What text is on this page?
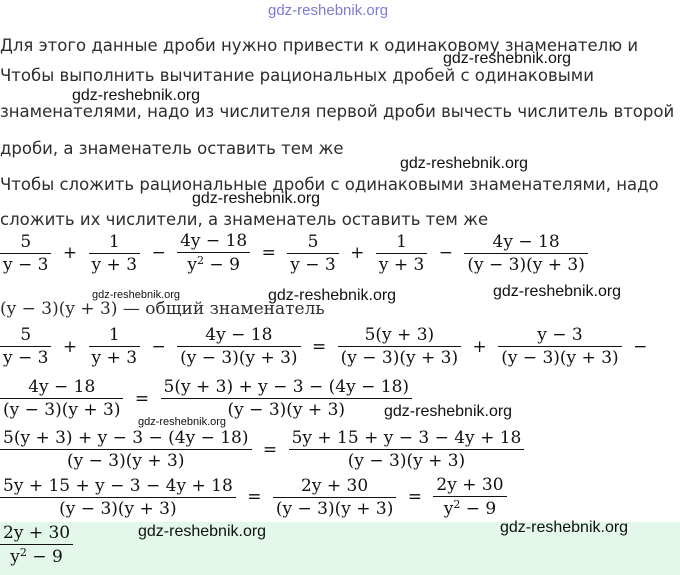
gdz-reshebnik.org
gdz-reshebnik.org
gdz-reshebnik.org
gdz-reshebnik.org
gdz-reshebnik.org
gdz-reshebnik.org	gdz-reshebnik.org	gdz-reshebnik.org
gdz-reshebnik.org
gdz-reshebnik.org
gdz-reshebnik.org	gdz-reshebnik.org
Для этого данные дроби нужно привести к одинаковому знаменателю и
Чтобы выполнить вычитание рациональных дробей с одинаковыми
знаменателями, надо из числителя первой дроби вычесть числитель второй
дроби, а знаменатель оставить тем же
Чтобы сложить рациональные дроби с одинаковыми знаменателями, надо
сложить их числители, а знаменатель оставить тем же
$\frac{5}{y - 3} + \frac{1}{y + 3} - \frac{4y - 18}{y^2 - 9} = \frac{5}{y - 3} + \frac{1}{y + 3} - \frac{4y - 18}{(y - 3)(y + 3)}$
(y − 3)(y + 3) — общий знаменатель
$\frac{5}{y - 3} + \frac{1}{y + 3} - \frac{4y - 18}{(y - 3)(y + 3)} = \frac{5(y + 3)}{(y - 3)(y + 3)} + \frac{y - 3}{(y - 3)(y + 3)}$ −
$\frac{4y - 18}{(y - 3)(y + 3)} = \frac{5(y + 3) + y - 3 - (4y - 18)}{(y - 3)(y + 3)}$
$\frac{5(y + 3) + y - 3 - (4y - 18)}{(y - 3)(y + 3)} = \frac{5y + 15 + y - 3 - 4y + 18}{(y - 3)(y + 3)}$
$\frac{5y + 15 + y - 3 - 4y + 18}{(y - 3)(y + 3)} = \frac{2y + 30}{(y - 3)(y + 3)} = \frac{2y + 30}{y^2 - 9}$
$\frac{2y + 30}{y^2 - 9}$
